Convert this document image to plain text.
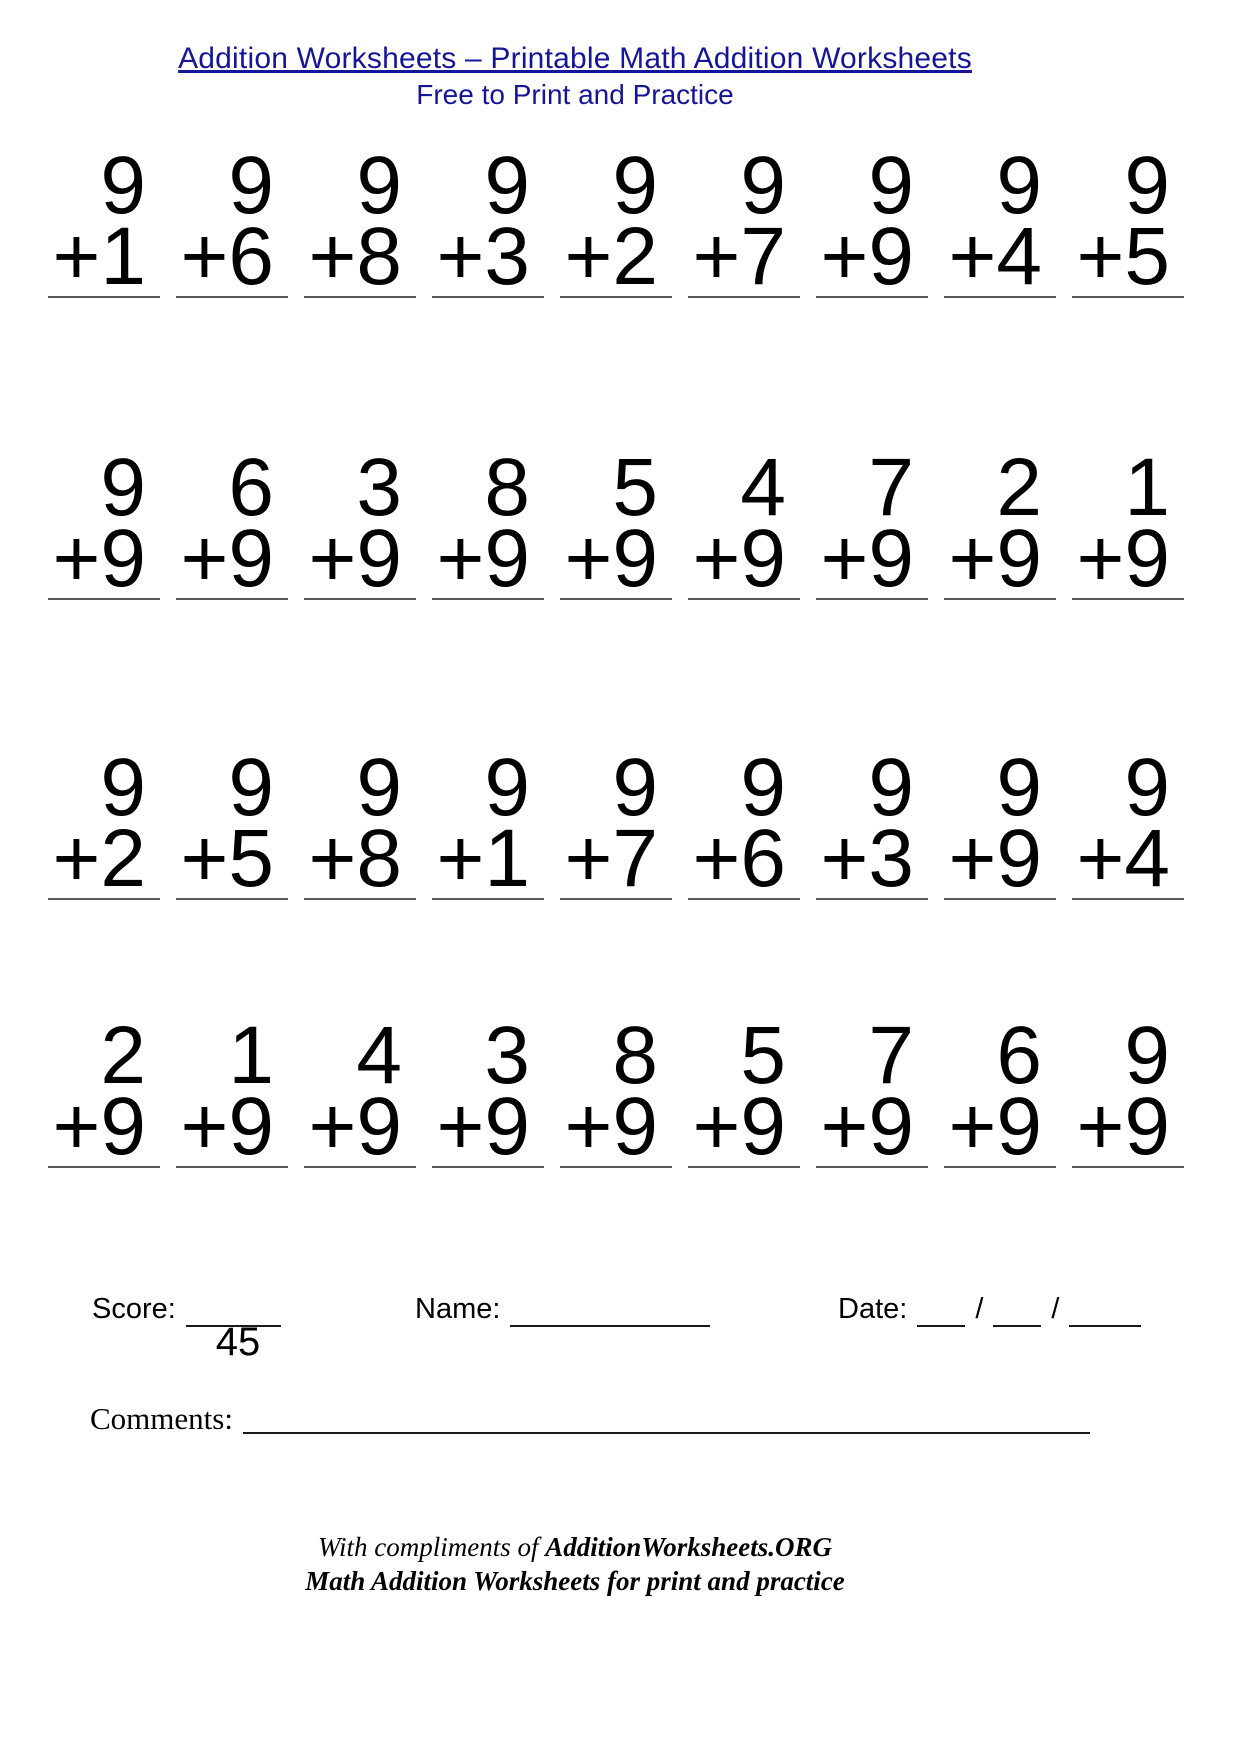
Addition Worksheets – Printable Math Addition Worksheets
Free to Print and Practice
9
+1
9
+6
9
+8
9
+3
9
+2
9
+7
9
+9
9
+4
9
+5
9
+9
6
+9
3
+9
8
+9
5
+9
4
+9
7
+9
2
+9
1
+9
9
+2
9
+5
9
+8
9
+1
9
+7
9
+6
9
+3
9
+9
9
+4
2
+9
1
+9
4
+9
3
+9
8
+9
5
+9
7
+9
6
+9
9
+9
Score:
45
Name:	Date: / /
Comments:
With compliments of AdditionWorksheets.ORG
Math Addition Worksheets for print and practice
